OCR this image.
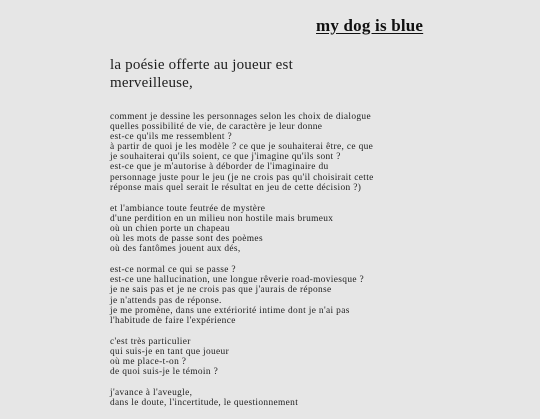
my dog is blue
la poésie offerte au joueur est merveilleuse,

comment je dessine les personnages selon les choix de dialogue
quelles possibilité de vie, de caractère je leur donne
est-ce qu'ils me ressemblent ?
à partir de quoi je les modèle ? ce que je souhaiterai être, ce que je souhaiterai qu'ils soient, ce que j'imagine qu'ils sont ?
est-ce que je m'autorise à déborder de l'imaginaire du personnage juste pour le jeu (je ne crois pas qu'il choisirait cette réponse mais quel serait le résultat en jeu de cette décision ?)

et l'ambiance toute feutrée de mystère
d'une perdition en un milieu non hostile mais brumeux
où un chien porte un chapeau
où les mots de passe sont des poèmes
où des fantômes jouent aux dés,

est-ce normal ce qui se passe ?
est-ce une hallucination, une longue rêverie road-moviesque ?
je ne sais pas et je ne crois pas que j'aurais de réponse
je n'attends pas de réponse.
je me promène, dans une extériorité intime dont je n'ai pas l'habitude de faire l'expérience

c'est très particulier
qui suis-je en tant que joueur
où me place-t-on ?
de quoi suis-je le témoin ?

j'avance à l'aveugle,
dans le doute, l'incertitude, le questionnement
